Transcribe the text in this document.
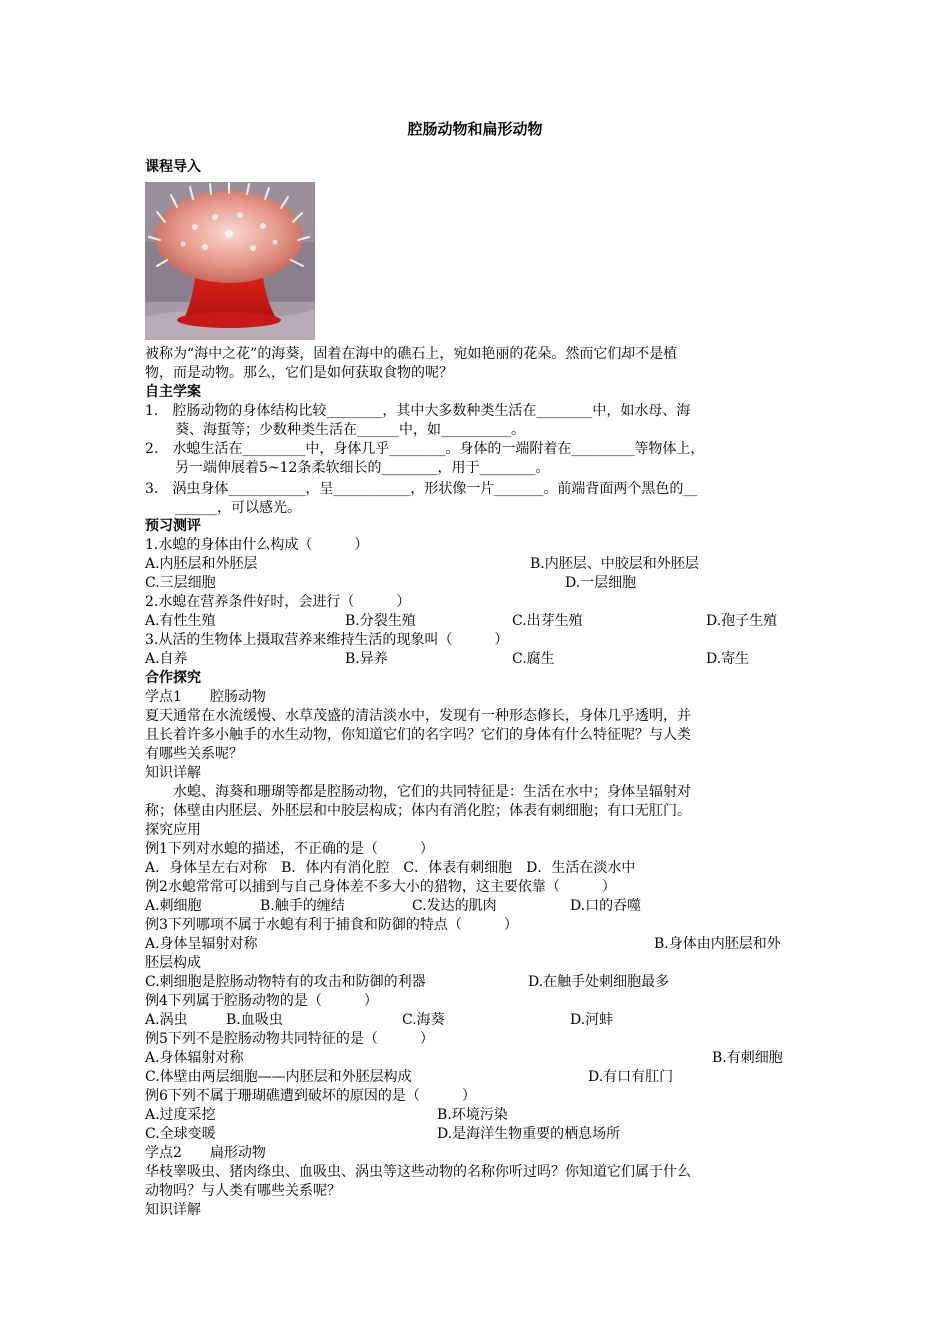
腔肠动物和扁形动物
课程导入
被称为“海中之花”的海葵，固着在海中的礁石上，宛如艳丽的花朵。然而它们却不是植
物，而是动物。那么，它们是如何获取食物的呢？
自主学案
1.　腔肠动物的身体结构比较________，其中大多数种类生活在________中，如水母、海
葵、海蜇等；少数种类生活在______中，如__________。
2.　水螅生活在_________中，身体几乎________。身体的一端附着在_________等物体上，
另一端伸展着5~12条柔软细长的________，用于________。
3.　涡虫身体___________，呈___________，形状像一片_______。前端背面两个黑色的__
______，可以感光。
预习测评
1.水螅的身体由什么构成（　　　）
A.内胚层和外胚层	B.内胚层、中胶层和外胚层
C.三层细胞	D.一层细胞
2.水螅在营养条件好时，会进行（　　　）
A.有性生殖	B.分裂生殖	C.出芽生殖	D.孢子生殖
3.从活的生物体上摄取营养来维持生活的现象叫（　　　）
A.自养	B.异养	C.腐生	D.寄生
合作探究
学点1　　腔肠动物
夏天通常在水流缓慢、水草茂盛的清洁淡水中，发现有一种形态修长，身体几乎透明，并
且长着许多小触手的水生动物，你知道它们的名字吗？它们的身体有什么特征呢？与人类
有哪些关系呢？
知识详解
　　水螅、海葵和珊瑚等都是腔肠动物，它们的共同特征是：生活在水中；身体呈辐射对
称；体壁由内胚层、外胚层和中胶层构成；体内有消化腔；体表有刺细胞；有口无肛门。
探究应用
例1下列对水螅的描述，不正确的是（　　　）
A．身体呈左右对称　B．体内有消化腔　C．体表有刺细胞　D．生活在淡水中
例2水螅常常可以捕到与自己身体差不多大小的猎物，这主要依靠（　　　）
A.刺细胞	B.触手的缠结	C.发达的肌肉	D.口的吞噬
例3下列哪项不属于水螅有利于捕食和防御的特点（　　　）
A.身体呈辐射对称	B.身体由内胚层和外
胚层构成
C.刺细胞是腔肠动物特有的攻击和防御的利器	D.在触手处刺细胞最多
例4下列属于腔肠动物的是（　　　）
A.涡虫	B.血吸虫	C.海葵	D.河蚌
例5下列不是腔肠动物共同特征的是（　　　）
A.身体辐射对称	B.有刺细胞
C.体壁由两层细胞——内胚层和外胚层构成	D.有口有肛门
例6下列不属于珊瑚礁遭到破坏的原因的是（　　　）
A.过度采挖	B.环境污染
C.全球变暖	D.是海洋生物重要的栖息场所
学点2　　扁形动物
华枝睾吸虫、猪肉绦虫、血吸虫、涡虫等这些动物的名称你听过吗？你知道它们属于什么
动物吗？与人类有哪些关系呢？
知识详解
